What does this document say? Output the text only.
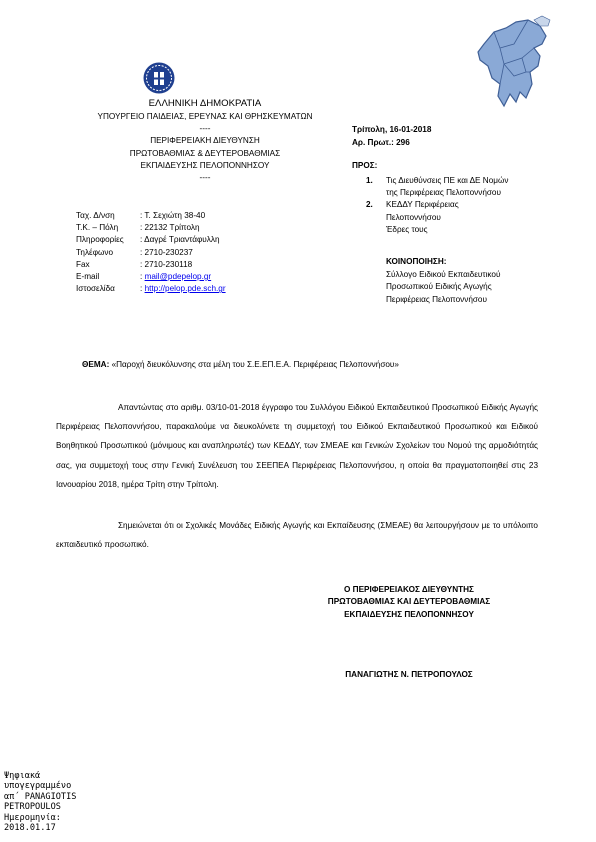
ΕΛΛΗΝΙΚΗ ΔΗΜΟΚΡΑΤΙΑ
ΥΠΟΥΡΓΕΙΟ ΠΑΙΔΕΙΑΣ, ΕΡΕΥΝΑΣ ΚΑΙ ΘΡΗΣΚΕΥΜΑΤΩΝ
----
ΠΕΡΙΦΕΡΕΙΑΚΗ ΔΙΕΥΘΥΝΣΗ
ΠΡΩΤΟΒΑΘΜΙΑΣ & ΔΕΥΤΕΡΟΒΑΘΜΙΑΣ
ΕΚΠΑΙΔΕΥΣΗΣ ΠΕΛΟΠΟΝΝΗΣΟΥ
----
Ταχ. Δ/νση	: Τ. Σεχιώτη 38-40
Τ.Κ. – Πόλη	: 22132 Τρίπολη
Πληροφορίες	: Δαγρέ Τριαντάφυλλη
Τηλέφωνο	: 2710-230237
Fax	: 2710-230118
E-mail	: mail@pdepelop.gr
Ιστοσελίδα	: http://pelop.pde.sch.gr
Τρίπολη, 16-01-2018
Αρ. Πρωτ.: 296
ΠΡΟΣ:
1.	Τις Διευθύνσεις ΠΕ και ΔΕ Νομών
της Περιφέρειας Πελοποννήσου
2.	ΚΕΔΔΥ Περιφέρειας
Πελοποννήσου
Έδρες τους
ΚΟΙΝΟΠΟΙΗΣΗ:
Σύλλογο Ειδικού Εκπαιδευτικού
Προσωπικού Ειδικής Αγωγής
Περιφέρειας Πελοποννήσου
ΘΕΜΑ: «Παροχή διευκόλυνσης στα μέλη του Σ.Ε.ΕΠ.Ε.Α. Περιφέρειας Πελοποννήσου»
Απαντώντας στο αριθμ. 03/10-01-2018 έγγραφο του Συλλόγου Ειδικού Εκπαιδευτικού Προσωπικού Ειδικής Αγωγής Περιφέρειας Πελοποννήσου, παρακαλούμε να διευκολύνετε τη συμμετοχή του Ειδικού Εκπαιδευτικού Προσωπικού και Ειδικού Βοηθητικού Προσωπικού (μόνιμους και αναπληρωτές) των ΚΕΔΔΥ, των ΣΜΕΑΕ και Γενικών Σχολείων του Νομού της αρμοδιότητάς σας, για συμμετοχή τους στην Γενική Συνέλευση του ΣΕΕΠΕΑ Περιφέρειας Πελοποννήσου, η οποία θα πραγματοποιηθεί στις 23 Ιανουαρίου 2018, ημέρα Τρίτη στην Τρίπολη.
Σημειώνεται ότι οι Σχολικές Μονάδες Ειδικής Αγωγής και Εκπαίδευσης (ΣΜΕΑΕ) θα λειτουργήσουν με το υπόλοιπο εκπαιδευτικό προσωπικό.
Ο ΠΕΡΙΦΕΡΕΙΑΚΟΣ ΔΙΕΥΘΥΝΤΗΣ
ΠΡΩΤΟΒΑΘΜΙΑΣ ΚΑΙ ΔΕΥΤΕΡΟΒΑΘΜΙΑΣ
ΕΚΠΑΙΔΕΥΣΗΣ ΠΕΛΟΠΟΝΝΗΣΟΥ
ΠΑΝΑΓΙΩΤΗΣ Ν. ΠΕΤΡΟΠΟΥΛΟΣ
Ψηφιακά
υπογεγραμμένο
απ΄ PANAGIOTIS
PETROPOULOS
Ημερομηνία:
2018.01.17
